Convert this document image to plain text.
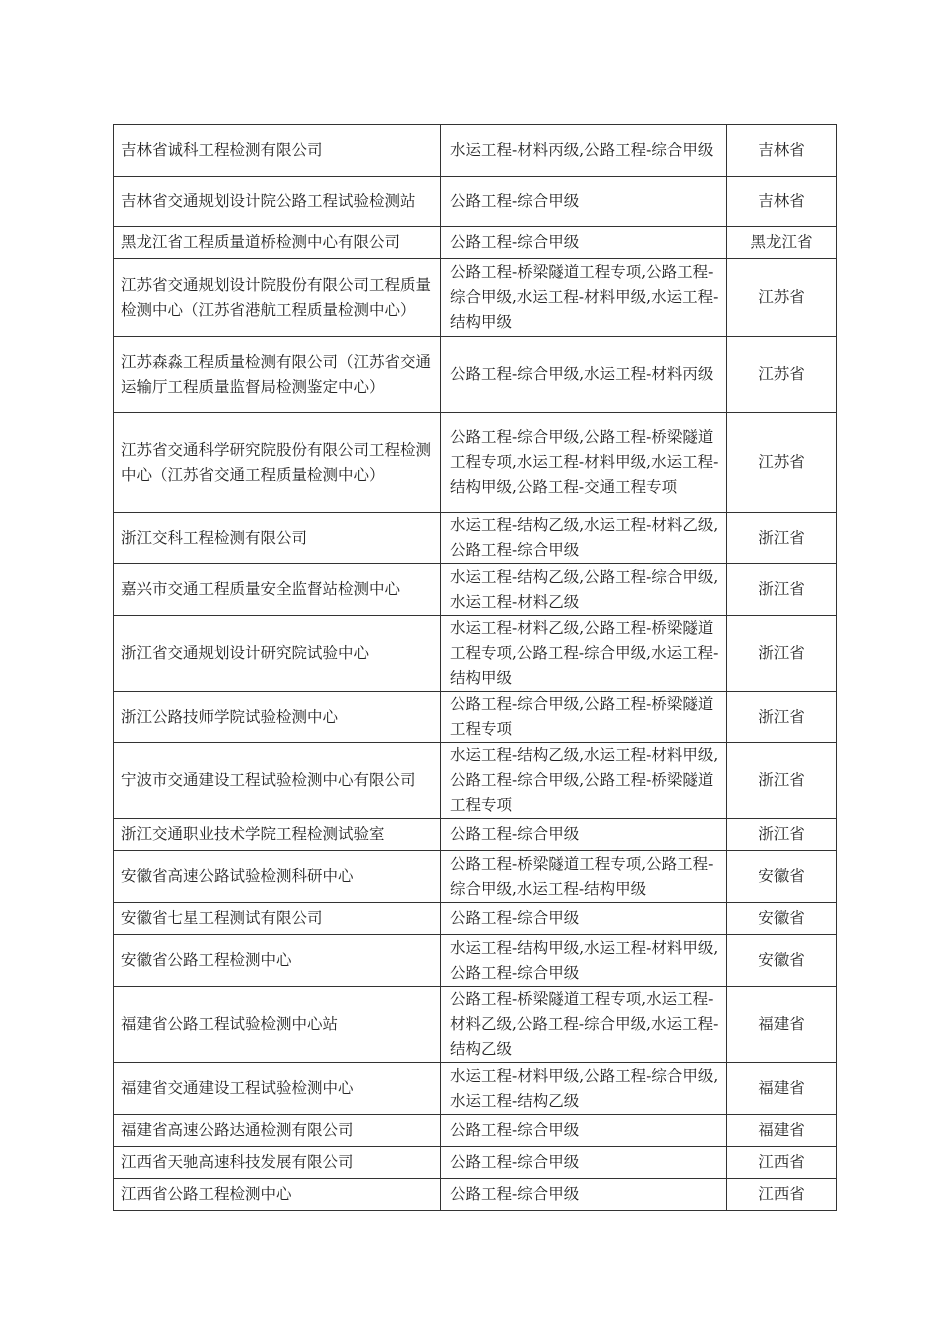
吉林省诚科工程检测有限公司	水运工程-材料丙级,公路工程-综合甲级	吉林省
吉林省交通规划设计院公路工程试验检测站	公路工程-综合甲级	吉林省
黑龙江省工程质量道桥检测中心有限公司	公路工程-综合甲级	黑龙江省
江苏省交通规划设计院股份有限公司工程质量检测中心（江苏省港航工程质量检测中心）	公路工程-桥梁隧道工程专项,公路工程-综合甲级,水运工程-材料甲级,水运工程-结构甲级	江苏省
江苏森淼工程质量检测有限公司（江苏省交通运输厅工程质量监督局检测鉴定中心）	公路工程-综合甲级,水运工程-材料丙级	江苏省
江苏省交通科学研究院股份有限公司工程检测中心（江苏省交通工程质量检测中心）	公路工程-综合甲级,公路工程-桥梁隧道工程专项,水运工程-材料甲级,水运工程-结构甲级,公路工程-交通工程专项	江苏省
浙江交科工程检测有限公司	水运工程-结构乙级,水运工程-材料乙级,公路工程-综合甲级	浙江省
嘉兴市交通工程质量安全监督站检测中心	水运工程-结构乙级,公路工程-综合甲级,水运工程-材料乙级	浙江省
浙江省交通规划设计研究院试验中心	水运工程-材料乙级,公路工程-桥梁隧道工程专项,公路工程-综合甲级,水运工程-结构甲级	浙江省
浙江公路技师学院试验检测中心	公路工程-综合甲级,公路工程-桥梁隧道工程专项	浙江省
宁波市交通建设工程试验检测中心有限公司	水运工程-结构乙级,水运工程-材料甲级,公路工程-综合甲级,公路工程-桥梁隧道工程专项	浙江省
浙江交通职业技术学院工程检测试验室	公路工程-综合甲级	浙江省
安徽省高速公路试验检测科研中心	公路工程-桥梁隧道工程专项,公路工程-综合甲级,水运工程-结构甲级	安徽省
安徽省七星工程测试有限公司	公路工程-综合甲级	安徽省
安徽省公路工程检测中心	水运工程-结构甲级,水运工程-材料甲级,公路工程-综合甲级	安徽省
福建省公路工程试验检测中心站	公路工程-桥梁隧道工程专项,水运工程-材料乙级,公路工程-综合甲级,水运工程-结构乙级	福建省
福建省交通建设工程试验检测中心	水运工程-材料甲级,公路工程-综合甲级,水运工程-结构乙级	福建省
福建省高速公路达通检测有限公司	公路工程-综合甲级	福建省
江西省天驰高速科技发展有限公司	公路工程-综合甲级	江西省
江西省公路工程检测中心	公路工程-综合甲级	江西省
